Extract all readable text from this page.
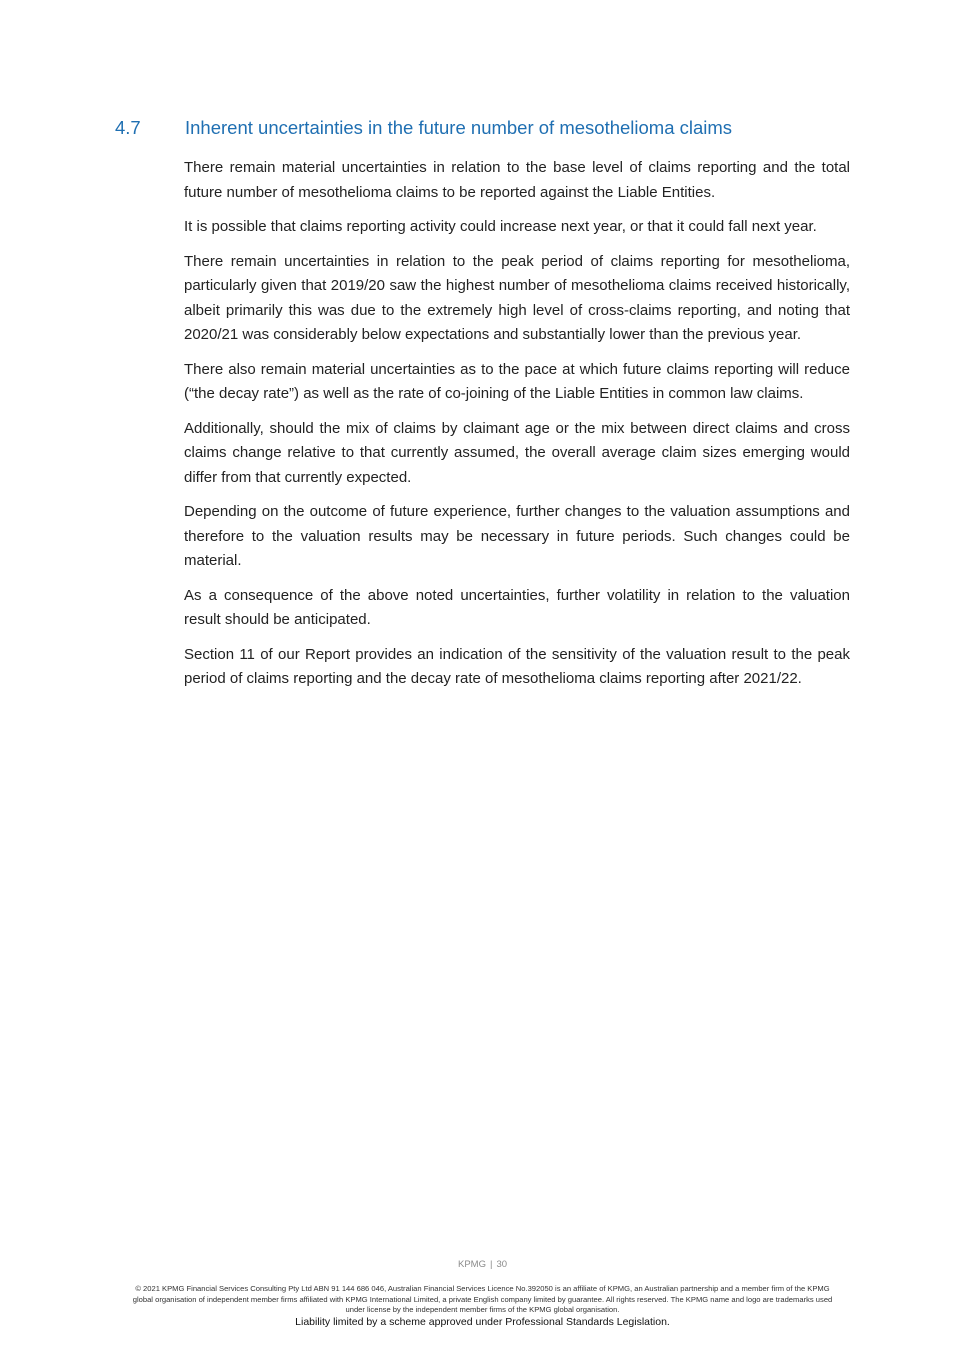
4.7 Inherent uncertainties in the future number of mesothelioma claims

There remain material uncertainties in relation to the base level of claims reporting and the total future number of mesothelioma claims to be reported against the Liable Entities.

It is possible that claims reporting activity could increase next year, or that it could fall next year.

There remain uncertainties in relation to the peak period of claims reporting for mesothelioma, particularly given that 2019/20 saw the highest number of mesothelioma claims received historically, albeit primarily this was due to the extremely high level of cross-claims reporting, and noting that 2020/21 was considerably below expectations and substantially lower than the previous year.

There also remain material uncertainties as to the pace at which future claims reporting will reduce (“the decay rate”) as well as the rate of co-joining of the Liable Entities in common law claims.

Additionally, should the mix of claims by claimant age or the mix between direct claims and cross claims change relative to that currently assumed, the overall average claim sizes emerging would differ from that currently expected.

Depending on the outcome of future experience, further changes to the valuation assumptions and therefore to the valuation results may be necessary in future periods. Such changes could be material.

As a consequence of the above noted uncertainties, further volatility in relation to the valuation result should be anticipated.

Section 11 of our Report provides an indication of the sensitivity of the valuation result to the peak period of claims reporting and the decay rate of mesothelioma claims reporting after 2021/22.

KPMG | 30
© 2021 KPMG Financial Services Consulting Pty Ltd ABN 91 144 686 046, Australian Financial Services Licence No.392050 is an affiliate of KPMG, an Australian partnership and a member firm of the KPMG global organisation of independent member firms affiliated with KPMG International Limited, a private English company limited by guarantee. All rights reserved. The KPMG name and logo are trademarks used under license by the independent member firms of the KPMG global organisation.
Liability limited by a scheme approved under Professional Standards Legislation.
